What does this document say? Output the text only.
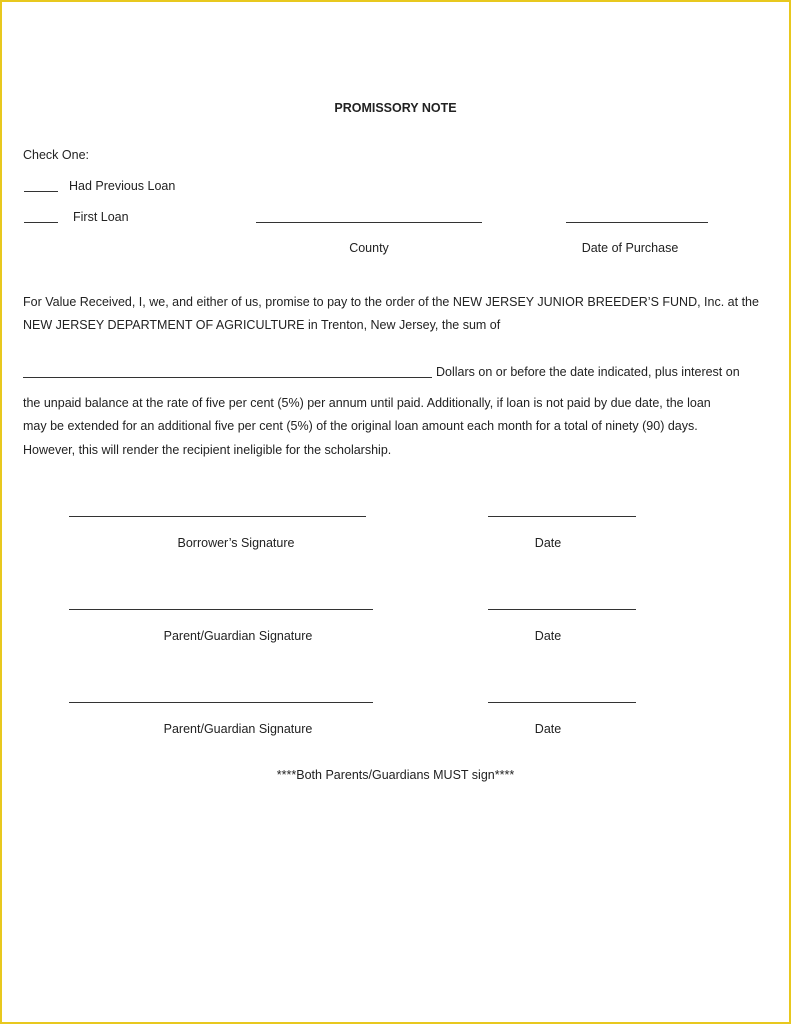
PROMISSORY NOTE
Check One:
Had Previous Loan
First Loan
County	Date of Purchase
For Value Received, I, we, and either of us, promise to pay to the order of the NEW JERSEY JUNIOR BREEDER’S FUND, Inc. at the
NEW JERSEY DEPARTMENT OF AGRICULTURE in Trenton, New Jersey, the sum of
Dollars on or before the date indicated, plus interest on
the unpaid balance at the rate of five per cent (5%) per annum until paid. Additionally, if loan is not paid by due date, the loan
may be extended for an additional five per cent (5%) of the original loan amount each month for a total of ninety (90) days.
However, this will render the recipient ineligible for the scholarship.
Borrower’s Signature	Date
Parent/Guardian Signature	Date
Parent/Guardian Signature	Date
****Both Parents/Guardians MUST sign****
